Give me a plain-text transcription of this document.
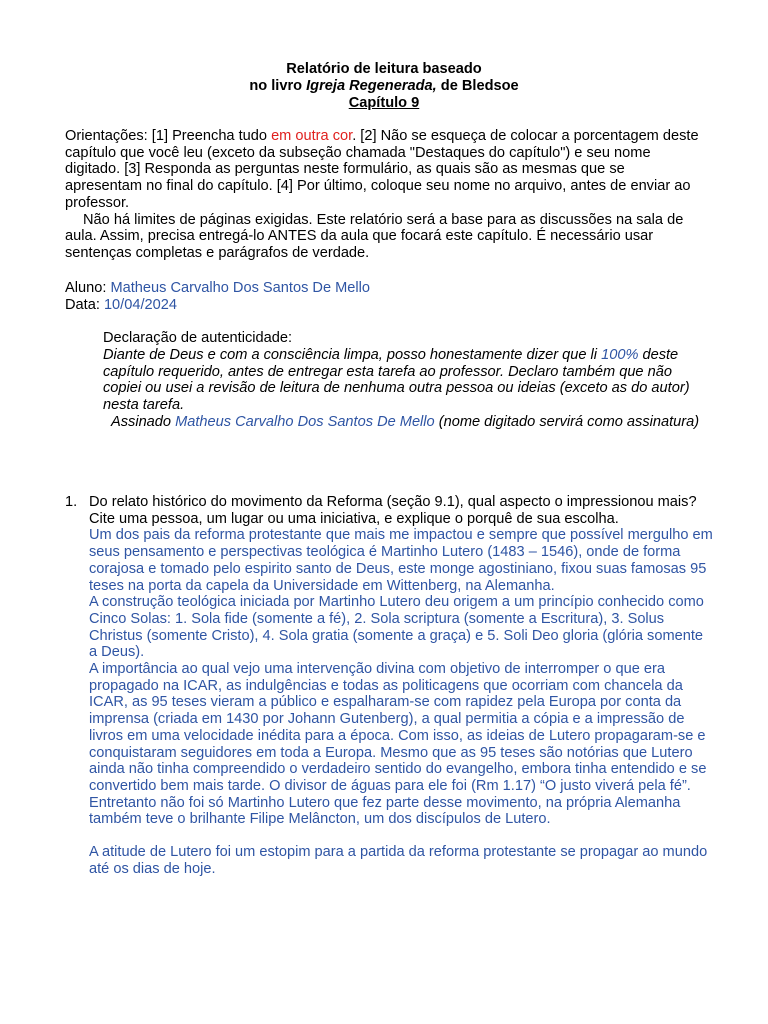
Relatório de leitura baseado
no livro Igreja Regenerada, de Bledsoe
Capítulo 9

Orientações: [1] Preencha tudo em outra cor. [2] Não se esqueça de colocar a porcentagem deste capítulo que você leu (exceto da subseção chamada "Destaques do capítulo") e seu nome digitado. [3] Responda as perguntas neste formulário, as quais são as mesmas que se apresentam no final do capítulo. [4] Por último, coloque seu nome no arquivo, antes de enviar ao professor.

Não há limites de páginas exigidas. Este relatório será a base para as discussões na sala de aula. Assim, precisa entregá-lo ANTES da aula que focará este capítulo. É necessário usar sentenças completas e parágrafos de verdade.

Aluno: Matheus Carvalho Dos Santos De Mello

Data: 10/04/2024

Declaração de autenticidade:
Diante de Deus e com a consciência limpa, posso honestamente dizer que li 100% deste capítulo requerido, antes de entregar esta tarefa ao professor. Declaro também que não copiei ou usei a revisão de leitura de nenhuma outra pessoa ou ideias (exceto as do autor) nesta tarefa.
Assinado Matheus Carvalho Dos Santos De Mello (nome digitado servirá como assinatura)
1. Do relato histórico do movimento da Reforma (seção 9.1), qual aspecto o impressionou mais? Cite uma pessoa, um lugar ou uma iniciativa, e explique o porquê de sua escolha.

Um dos pais da reforma protestante que mais me impactou e sempre que possível mergulho em seus pensamento e perspectivas teológica é Martinho Lutero (1483 – 1546), onde de forma corajosa e tomado pelo espirito santo de Deus, este monge agostiniano, fixou suas famosas 95 teses na porta da capela da Universidade em Wittenberg, na Alemanha.

A construção teológica iniciada por Martinho Lutero deu origem a um princípio conhecido como Cinco Solas: 1. Sola fide (somente a fé), 2. Sola scriptura (somente a Escritura), 3. Solus Christus (somente Cristo), 4. Sola gratia (somente a graça) e 5. Soli Deo gloria (glória somente a Deus).

A importância ao qual vejo uma intervenção divina com objetivo de interromper o que era propagado na ICAR, as indulgências e todas as politicagens que ocorriam com chancela da ICAR, as 95 teses vieram a público e espalharam-se com rapidez pela Europa por conta da imprensa (criada em 1430 por Johann Gutenberg), a qual permitia a cópia e a impressão de livros em uma velocidade inédita para a época. Com isso, as ideias de Lutero propagaram-se e conquistaram seguidores em toda a Europa. Mesmo que as 95 teses são notórias que Lutero ainda não tinha compreendido o verdadeiro sentido do evangelho, embora tinha entendido e se convertido bem mais tarde. O divisor de águas para ele foi (Rm 1.17) “O justo viverá pela fé”.

Entretanto não foi só Martinho Lutero que fez parte desse movimento, na própria Alemanha também teve o brilhante Filipe Melâncton, um dos discípulos de Lutero.

A atitude de Lutero foi um estopim para a partida da reforma protestante se propagar ao mundo até os dias de hoje.
